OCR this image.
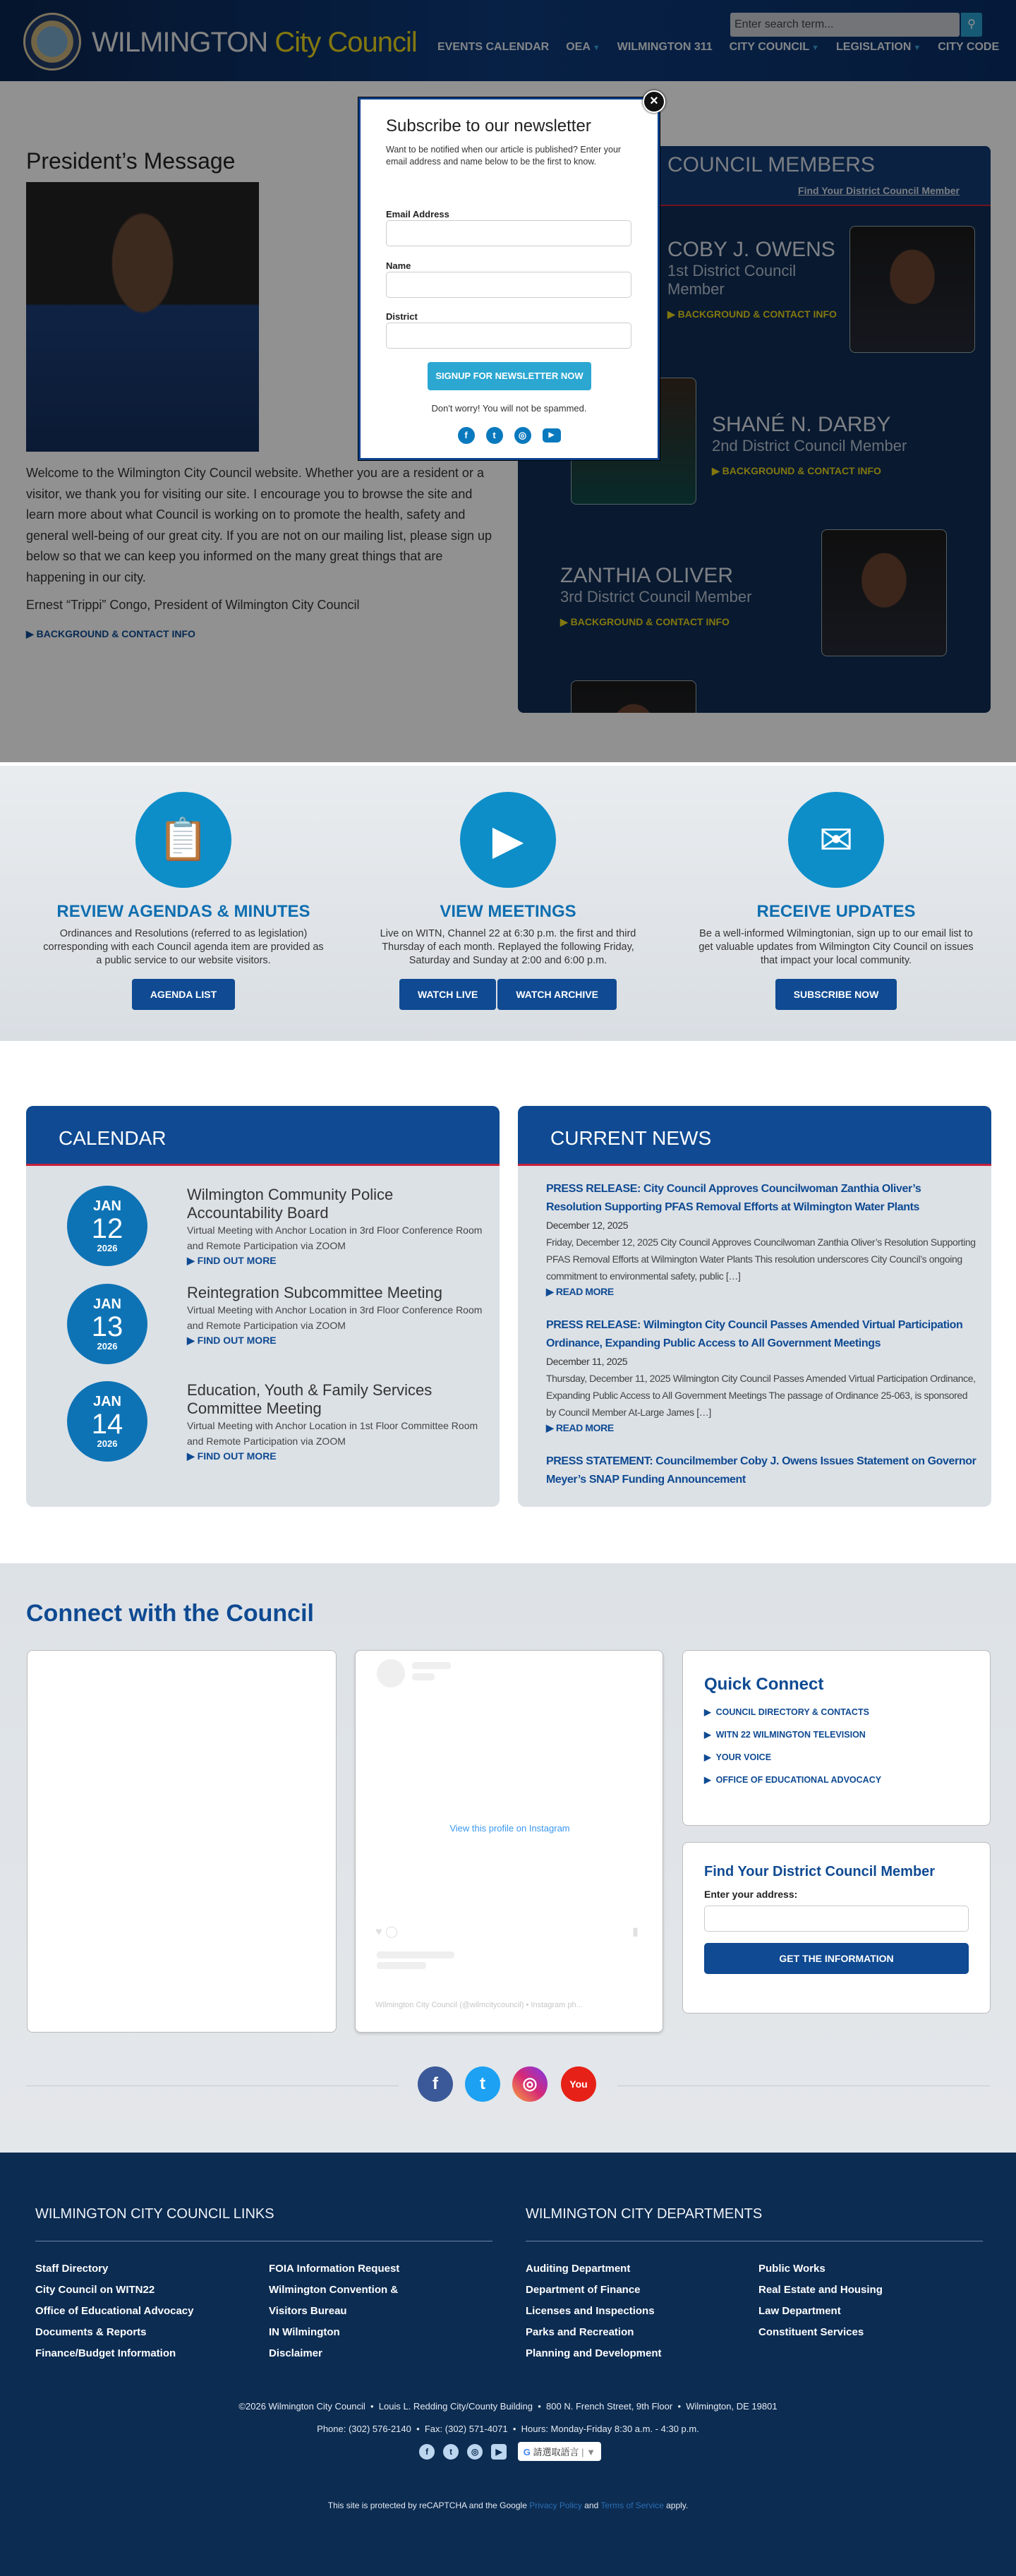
WILMINGTON City Council
Enter search term...	⚲
EVENTS CALENDAR OEA ▼ WILMINGTON 311 CITY COUNCIL ▼ LEGISLATION ▼ CITY CODE
President’s Message
Welcome to the Wilmington City Council website. Whether you are a resident or a visitor, we thank you for visiting our site. I encourage you to browse the site and learn more about what Council is working on to promote the health, safety and general well-being of our great city. If you are not on our mailing list, please sign up below so that we can keep you informed on the many great things that are happening in our city.
Ernest “Trippi” Congo, President of Wilmington City Council
▶ BACKGROUND & CONTACT INFO
COUNCIL MEMBERS
Find Your District Council Member
COBY J. OWENS
1st District Council Member
▶ BACKGROUND & CONTACT INFO
SHANÉ N. DARBY
2nd District Council Member
▶ BACKGROUND & CONTACT INFO
ZANTHIA OLIVER
3rd District Council Member
▶ BACKGROUND & CONTACT INFO
Subscribe to our newsletter
Want to be notified when our article is published? Enter your email address and name below to be the first to know.
Email Address
Name
District
SIGNUP FOR NEWSLETTER NOW
Don't worry! You will not be spammed.
f	t	◎	▶
×
📋
REVIEW AGENDAS & MINUTES
Ordinances and Resolutions (referred to as legislation) corresponding with each Council agenda item are provided as a public service to our website visitors.
AGENDA LIST
▶
VIEW MEETINGS
Live on WITN, Channel 22 at 6:30 p.m. the first and third Thursday of each month. Replayed the following Friday, Saturday and Sunday at 2:00 and 6:00 p.m.
WATCH LIVE	WATCH ARCHIVE
✉
RECEIVE UPDATES
Be a well-informed Wilmingtonian, sign up to our email list to get valuable updates from Wilmington City Council on issues that impact your local community.
SUBSCRIBE NOW
CALENDAR
JAN
12
2026
Wilmington Community Police Accountability Board
Virtual Meeting with Anchor Location in 3rd Floor Conference Room and Remote Participation via ZOOM
▶ FIND OUT MORE
JAN
13
2026
Reintegration Subcommittee Meeting
Virtual Meeting with Anchor Location in 3rd Floor Conference Room and Remote Participation via ZOOM
▶ FIND OUT MORE
JAN
14
2026
Education, Youth & Family Services Committee Meeting
Virtual Meeting with Anchor Location in 1st Floor Committee Room and Remote Participation via ZOOM
▶ FIND OUT MORE
CURRENT NEWS
PRESS RELEASE: City Council Approves Councilwoman Zanthia Oliver’s Resolution Supporting PFAS Removal Efforts at Wilmington Water Plants
December 12, 2025
Friday, December 12, 2025 City Council Approves Councilwoman Zanthia Oliver’s Resolution Supporting PFAS Removal Efforts at Wilmington Water Plants This resolution underscores City Council’s ongoing commitment to environmental safety, public […]
▶ READ MORE
PRESS RELEASE: Wilmington City Council Passes Amended Virtual Participation Ordinance, Expanding Public Access to All Government Meetings
December 11, 2025
Thursday, December 11, 2025 Wilmington City Council Passes Amended Virtual Participation Ordinance, Expanding Public Access to All Government Meetings The passage of Ordinance 25-063, is sponsored by Council Member At-Large James […]
▶ READ MORE
PRESS STATEMENT: Councilmember Coby J. Owens Issues Statement on Governor Meyer’s SNAP Funding Announcement
Connect with the Council
View this profile on Instagram
♥ ◯	▮
Wilmington City Council (@wilmcitycouncil) • Instagram ph...
Quick Connect
▶  COUNCIL DIRECTORY & CONTACTS
▶  WITN 22 WILMINGTON TELEVISION
▶  YOUR VOICE
▶  OFFICE OF EDUCATIONAL ADVOCACY
Find Your District Council Member
Enter your address:
GET THE INFORMATION
f	t	◎	You
WILMINGTON CITY COUNCIL LINKS
Staff Directory
City Council on WITN22
Office of Educational Advocacy
Documents & Reports
Finance/Budget Information
FOIA Information Request
Wilmington Convention &
Visitors Bureau
IN Wilmington
Disclaimer
WILMINGTON CITY DEPARTMENTS
Auditing Department
Department of Finance
Licenses and Inspections
Parks and Recreation
Planning and Development
Public Works
Real Estate and Housing
Law Department
Constituent Services
©2026 Wilmington City Council  •  Louis L. Redding City/County Building  •  800 N. French Street, 9th Floor  •  Wilmington, DE 19801
Phone: (302) 576-2140  •  Fax: (302) 571-4071  •  Hours: Monday-Friday 8:30 a.m. - 4:30 p.m.
f	t ◎ ▶ G 請選取語言 | ▼
This site is protected by reCAPTCHA and the Google Privacy Policy and Terms of Service apply.
